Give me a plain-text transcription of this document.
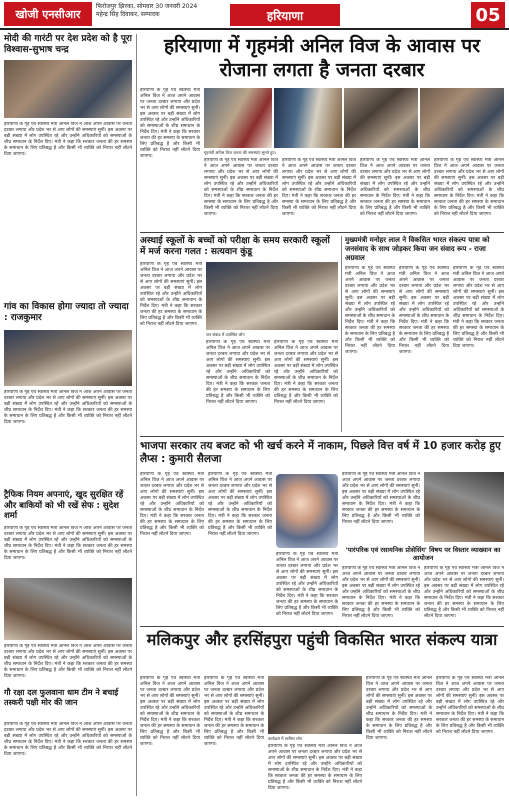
खोजी एनसीआर
फिरोजपुर झिरका, सोमवार 30 जनवरी 2024
महेन्द्र सिंह दिवाकर, सम्पादक	हरियाणा	05
मोदी की गारंटी पर देश प्रदेश को है पूरा विश्वास-सुभाष चन्द्र
हरियाणा के गृह एवं स्वास्थ्य मंत्री अनिल विज ने आज अपने आवास पर जनता दरबार लगाया और प्रदेश भर से आए लोगों की समस्याएं सुनीं। इस अवसर पर बड़ी संख्या में लोग उपस्थित रहे और उन्होंने अधिकारियों को समस्याओं के शीघ्र समाधान के निर्देश दिए। मंत्री ने कहा कि सरकार जनता की हर समस्या के समाधान के लिए प्रतिबद्ध है और किसी भी व्यक्ति को निराश नहीं लौटने दिया जाएगा।
गांव का विकास होगा ज्यादा तो ज्यादा : राजकुमार
हरियाणा के गृह एवं स्वास्थ्य मंत्री अनिल विज ने आज अपने आवास पर जनता दरबार लगाया और प्रदेश भर से आए लोगों की समस्याएं सुनीं। इस अवसर पर बड़ी संख्या में लोग उपस्थित रहे और उन्होंने अधिकारियों को समस्याओं के शीघ्र समाधान के निर्देश दिए। मंत्री ने कहा कि सरकार जनता की हर समस्या के समाधान के लिए प्रतिबद्ध है और किसी भी व्यक्ति को निराश नहीं लौटने दिया जाएगा।
ट्रैफिक नियम अपनाएं, खुद सुरक्षित रहें और बाकियों को भी रखें सेफ : सुदेश शर्मा
हरियाणा के गृह एवं स्वास्थ्य मंत्री अनिल विज ने आज अपने आवास पर जनता दरबार लगाया और प्रदेश भर से आए लोगों की समस्याएं सुनीं। इस अवसर पर बड़ी संख्या में लोग उपस्थित रहे और उन्होंने अधिकारियों को समस्याओं के शीघ्र समाधान के निर्देश दिए। मंत्री ने कहा कि सरकार जनता की हर समस्या के समाधान के लिए प्रतिबद्ध है और किसी भी व्यक्ति को निराश नहीं लौटने दिया जाएगा।
हरियाणा के गृह एवं स्वास्थ्य मंत्री अनिल विज ने आज अपने आवास पर जनता दरबार लगाया और प्रदेश भर से आए लोगों की समस्याएं सुनीं। इस अवसर पर बड़ी संख्या में लोग उपस्थित रहे और उन्होंने अधिकारियों को समस्याओं के शीघ्र समाधान के निर्देश दिए। मंत्री ने कहा कि सरकार जनता की हर समस्या के समाधान के लिए प्रतिबद्ध है और किसी भी व्यक्ति को निराश नहीं लौटने दिया जाएगा।
गौ रक्षा दल फुलवाना धाम टीम ने बचाई तस्करी पक्षी मोर की जान
हरियाणा के गृह एवं स्वास्थ्य मंत्री अनिल विज ने आज अपने आवास पर जनता दरबार लगाया और प्रदेश भर से आए लोगों की समस्याएं सुनीं। इस अवसर पर बड़ी संख्या में लोग उपस्थित रहे और उन्होंने अधिकारियों को समस्याओं के शीघ्र समाधान के निर्देश दिए। मंत्री ने कहा कि सरकार जनता की हर समस्या के समाधान के लिए प्रतिबद्ध है और किसी भी व्यक्ति को निराश नहीं लौटने दिया जाएगा।
हरियाणा में गृहमंत्री अनिल विज के आवास पर रोजाना लगता है जनता दरबार
हरियाणा के गृह एवं स्वास्थ्य मंत्री अनिल विज ने आज अपने आवास पर जनता दरबार लगाया और प्रदेश भर से आए लोगों की समस्याएं सुनीं। इस अवसर पर बड़ी संख्या में लोग उपस्थित रहे और उन्होंने अधिकारियों को समस्याओं के शीघ्र समाधान के निर्देश दिए। मंत्री ने कहा कि सरकार जनता की हर समस्या के समाधान के लिए प्रतिबद्ध है और किसी भी व्यक्ति को निराश नहीं लौटने दिया जाएगा।
गृहमंत्री अनिल विज जनता की समस्याएं सुनते हुए।
हरियाणा के गृह एवं स्वास्थ्य मंत्री अनिल विज ने आज अपने आवास पर जनता दरबार लगाया और प्रदेश भर से आए लोगों की समस्याएं सुनीं। इस अवसर पर बड़ी संख्या में लोग उपस्थित रहे और उन्होंने अधिकारियों को समस्याओं के शीघ्र समाधान के निर्देश दिए। मंत्री ने कहा कि सरकार जनता की हर समस्या के समाधान के लिए प्रतिबद्ध है और किसी भी व्यक्ति को निराश नहीं लौटने दिया जाएगा।
हरियाणा के गृह एवं स्वास्थ्य मंत्री अनिल विज ने आज अपने आवास पर जनता दरबार लगाया और प्रदेश भर से आए लोगों की समस्याएं सुनीं। इस अवसर पर बड़ी संख्या में लोग उपस्थित रहे और उन्होंने अधिकारियों को समस्याओं के शीघ्र समाधान के निर्देश दिए। मंत्री ने कहा कि सरकार जनता की हर समस्या के समाधान के लिए प्रतिबद्ध है और किसी भी व्यक्ति को निराश नहीं लौटने दिया जाएगा।
हरियाणा के गृह एवं स्वास्थ्य मंत्री अनिल विज ने आज अपने आवास पर जनता दरबार लगाया और प्रदेश भर से आए लोगों की समस्याएं सुनीं। इस अवसर पर बड़ी संख्या में लोग उपस्थित रहे और उन्होंने अधिकारियों को समस्याओं के शीघ्र समाधान के निर्देश दिए। मंत्री ने कहा कि सरकार जनता की हर समस्या के समाधान के लिए प्रतिबद्ध है और किसी भी व्यक्ति को निराश नहीं लौटने दिया जाएगा।
हरियाणा के गृह एवं स्वास्थ्य मंत्री अनिल विज ने आज अपने आवास पर जनता दरबार लगाया और प्रदेश भर से आए लोगों की समस्याएं सुनीं। इस अवसर पर बड़ी संख्या में लोग उपस्थित रहे और उन्होंने अधिकारियों को समस्याओं के शीघ्र समाधान के निर्देश दिए। मंत्री ने कहा कि सरकार जनता की हर समस्या के समाधान के लिए प्रतिबद्ध है और किसी भी व्यक्ति को निराश नहीं लौटने दिया जाएगा।
अस्थाई स्कूलों के बच्चों को परीक्षा के समय सरकारी स्कूलों में मर्ज करना गलत : सत्यवान कुंडू
हरियाणा के गृह एवं स्वास्थ्य मंत्री अनिल विज ने आज अपने आवास पर जनता दरबार लगाया और प्रदेश भर से आए लोगों की समस्याएं सुनीं। इस अवसर पर बड़ी संख्या में लोग उपस्थित रहे और उन्होंने अधिकारियों को समस्याओं के शीघ्र समाधान के निर्देश दिए। मंत्री ने कहा कि सरकार जनता की हर समस्या के समाधान के लिए प्रतिबद्ध है और किसी भी व्यक्ति को निराश नहीं लौटने दिया जाएगा।
जन संवाद में उपस्थित लोग
हरियाणा के गृह एवं स्वास्थ्य मंत्री अनिल विज ने आज अपने आवास पर जनता दरबार लगाया और प्रदेश भर से आए लोगों की समस्याएं सुनीं। इस अवसर पर बड़ी संख्या में लोग उपस्थित रहे और उन्होंने अधिकारियों को समस्याओं के शीघ्र समाधान के निर्देश दिए। मंत्री ने कहा कि सरकार जनता की हर समस्या के समाधान के लिए प्रतिबद्ध है और किसी भी व्यक्ति को निराश नहीं लौटने दिया जाएगा।
हरियाणा के गृह एवं स्वास्थ्य मंत्री अनिल विज ने आज अपने आवास पर जनता दरबार लगाया और प्रदेश भर से आए लोगों की समस्याएं सुनीं। इस अवसर पर बड़ी संख्या में लोग उपस्थित रहे और उन्होंने अधिकारियों को समस्याओं के शीघ्र समाधान के निर्देश दिए। मंत्री ने कहा कि सरकार जनता की हर समस्या के समाधान के लिए प्रतिबद्ध है और किसी भी व्यक्ति को निराश नहीं लौटने दिया जाएगा।
मुख्यमंत्री मनोहर लाल ने विकसित भारत संकल्प यात्रा को जनसंवाद के साथ जोड़कर किया जन संवाद रूप - राजा अग्रवाल
हरियाणा के गृह एवं स्वास्थ्य मंत्री अनिल विज ने आज अपने आवास पर जनता दरबार लगाया और प्रदेश भर से आए लोगों की समस्याएं सुनीं। इस अवसर पर बड़ी संख्या में लोग उपस्थित रहे और उन्होंने अधिकारियों को समस्याओं के शीघ्र समाधान के निर्देश दिए। मंत्री ने कहा कि सरकार जनता की हर समस्या के समाधान के लिए प्रतिबद्ध है और किसी भी व्यक्ति को निराश नहीं लौटने दिया जाएगा।
हरियाणा के गृह एवं स्वास्थ्य मंत्री अनिल विज ने आज अपने आवास पर जनता दरबार लगाया और प्रदेश भर से आए लोगों की समस्याएं सुनीं। इस अवसर पर बड़ी संख्या में लोग उपस्थित रहे और उन्होंने अधिकारियों को समस्याओं के शीघ्र समाधान के निर्देश दिए। मंत्री ने कहा कि सरकार जनता की हर समस्या के समाधान के लिए प्रतिबद्ध है और किसी भी व्यक्ति को निराश नहीं लौटने दिया जाएगा।
हरियाणा के गृह एवं स्वास्थ्य मंत्री अनिल विज ने आज अपने आवास पर जनता दरबार लगाया और प्रदेश भर से आए लोगों की समस्याएं सुनीं। इस अवसर पर बड़ी संख्या में लोग उपस्थित रहे और उन्होंने अधिकारियों को समस्याओं के शीघ्र समाधान के निर्देश दिए। मंत्री ने कहा कि सरकार जनता की हर समस्या के समाधान के लिए प्रतिबद्ध है और किसी भी व्यक्ति को निराश नहीं लौटने दिया जाएगा।
भाजपा सरकार तय बजट को भी खर्च करने में नाकाम, पिछले वित्त वर्ष में 10 हजार करोड़ हुए लैप्स : कुमारी सैलजा
हरियाणा के गृह एवं स्वास्थ्य मंत्री अनिल विज ने आज अपने आवास पर जनता दरबार लगाया और प्रदेश भर से आए लोगों की समस्याएं सुनीं। इस अवसर पर बड़ी संख्या में लोग उपस्थित रहे और उन्होंने अधिकारियों को समस्याओं के शीघ्र समाधान के निर्देश दिए। मंत्री ने कहा कि सरकार जनता की हर समस्या के समाधान के लिए प्रतिबद्ध है और किसी भी व्यक्ति को निराश नहीं लौटने दिया जाएगा।
हरियाणा के गृह एवं स्वास्थ्य मंत्री अनिल विज ने आज अपने आवास पर जनता दरबार लगाया और प्रदेश भर से आए लोगों की समस्याएं सुनीं। इस अवसर पर बड़ी संख्या में लोग उपस्थित रहे और उन्होंने अधिकारियों को समस्याओं के शीघ्र समाधान के निर्देश दिए। मंत्री ने कहा कि सरकार जनता की हर समस्या के समाधान के लिए प्रतिबद्ध है और किसी भी व्यक्ति को निराश नहीं लौटने दिया जाएगा।
हरियाणा के गृह एवं स्वास्थ्य मंत्री अनिल विज ने आज अपने आवास पर जनता दरबार लगाया और प्रदेश भर से आए लोगों की समस्याएं सुनीं। इस अवसर पर बड़ी संख्या में लोग उपस्थित रहे और उन्होंने अधिकारियों को समस्याओं के शीघ्र समाधान के निर्देश दिए। मंत्री ने कहा कि सरकार जनता की हर समस्या के समाधान के लिए प्रतिबद्ध है और किसी भी व्यक्ति को निराश नहीं लौटने दिया जाएगा।
हरियाणा के गृह एवं स्वास्थ्य मंत्री अनिल विज ने आज अपने आवास पर जनता दरबार लगाया और प्रदेश भर से आए लोगों की समस्याएं सुनीं। इस अवसर पर बड़ी संख्या में लोग उपस्थित रहे और उन्होंने अधिकारियों को समस्याओं के शीघ्र समाधान के निर्देश दिए। मंत्री ने कहा कि सरकार जनता की हर समस्या के समाधान के लिए प्रतिबद्ध है और किसी भी व्यक्ति को निराश नहीं लौटने दिया जाएगा।
'पारंपरिक एवं रसायनिक प्रोसेसिंग' विषय पर विस्तार व्याख्यान का आयोजन
हरियाणा के गृह एवं स्वास्थ्य मंत्री अनिल विज ने आज अपने आवास पर जनता दरबार लगाया और प्रदेश भर से आए लोगों की समस्याएं सुनीं। इस अवसर पर बड़ी संख्या में लोग उपस्थित रहे और उन्होंने अधिकारियों को समस्याओं के शीघ्र समाधान के निर्देश दिए। मंत्री ने कहा कि सरकार जनता की हर समस्या के समाधान के लिए प्रतिबद्ध है और किसी भी व्यक्ति को निराश नहीं लौटने दिया जाएगा।
हरियाणा के गृह एवं स्वास्थ्य मंत्री अनिल विज ने आज अपने आवास पर जनता दरबार लगाया और प्रदेश भर से आए लोगों की समस्याएं सुनीं। इस अवसर पर बड़ी संख्या में लोग उपस्थित रहे और उन्होंने अधिकारियों को समस्याओं के शीघ्र समाधान के निर्देश दिए। मंत्री ने कहा कि सरकार जनता की हर समस्या के समाधान के लिए प्रतिबद्ध है और किसी भी व्यक्ति को निराश नहीं लौटने दिया जाएगा।
मलिकपुर और हरसिंहपुरा पहुंची विकसित भारत संकल्प यात्रा
हरियाणा के गृह एवं स्वास्थ्य मंत्री अनिल विज ने आज अपने आवास पर जनता दरबार लगाया और प्रदेश भर से आए लोगों की समस्याएं सुनीं। इस अवसर पर बड़ी संख्या में लोग उपस्थित रहे और उन्होंने अधिकारियों को समस्याओं के शीघ्र समाधान के निर्देश दिए। मंत्री ने कहा कि सरकार जनता की हर समस्या के समाधान के लिए प्रतिबद्ध है और किसी भी व्यक्ति को निराश नहीं लौटने दिया जाएगा।
हरियाणा के गृह एवं स्वास्थ्य मंत्री अनिल विज ने आज अपने आवास पर जनता दरबार लगाया और प्रदेश भर से आए लोगों की समस्याएं सुनीं। इस अवसर पर बड़ी संख्या में लोग उपस्थित रहे और उन्होंने अधिकारियों को समस्याओं के शीघ्र समाधान के निर्देश दिए। मंत्री ने कहा कि सरकार जनता की हर समस्या के समाधान के लिए प्रतिबद्ध है और किसी भी व्यक्ति को निराश नहीं लौटने दिया जाएगा।
कार्यक्रम में शामिल लोग
हरियाणा के गृह एवं स्वास्थ्य मंत्री अनिल विज ने आज अपने आवास पर जनता दरबार लगाया और प्रदेश भर से आए लोगों की समस्याएं सुनीं। इस अवसर पर बड़ी संख्या में लोग उपस्थित रहे और उन्होंने अधिकारियों को समस्याओं के शीघ्र समाधान के निर्देश दिए। मंत्री ने कहा कि सरकार जनता की हर समस्या के समाधान के लिए प्रतिबद्ध है और किसी भी व्यक्ति को निराश नहीं लौटने दिया जाएगा।
हरियाणा के गृह एवं स्वास्थ्य मंत्री अनिल विज ने आज अपने आवास पर जनता दरबार लगाया और प्रदेश भर से आए लोगों की समस्याएं सुनीं। इस अवसर पर बड़ी संख्या में लोग उपस्थित रहे और उन्होंने अधिकारियों को समस्याओं के शीघ्र समाधान के निर्देश दिए। मंत्री ने कहा कि सरकार जनता की हर समस्या के समाधान के लिए प्रतिबद्ध है और किसी भी व्यक्ति को निराश नहीं लौटने दिया जाएगा।
हरियाणा के गृह एवं स्वास्थ्य मंत्री अनिल विज ने आज अपने आवास पर जनता दरबार लगाया और प्रदेश भर से आए लोगों की समस्याएं सुनीं। इस अवसर पर बड़ी संख्या में लोग उपस्थित रहे और उन्होंने अधिकारियों को समस्याओं के शीघ्र समाधान के निर्देश दिए। मंत्री ने कहा कि सरकार जनता की हर समस्या के समाधान के लिए प्रतिबद्ध है और किसी भी व्यक्ति को निराश नहीं लौटने दिया जाएगा।
